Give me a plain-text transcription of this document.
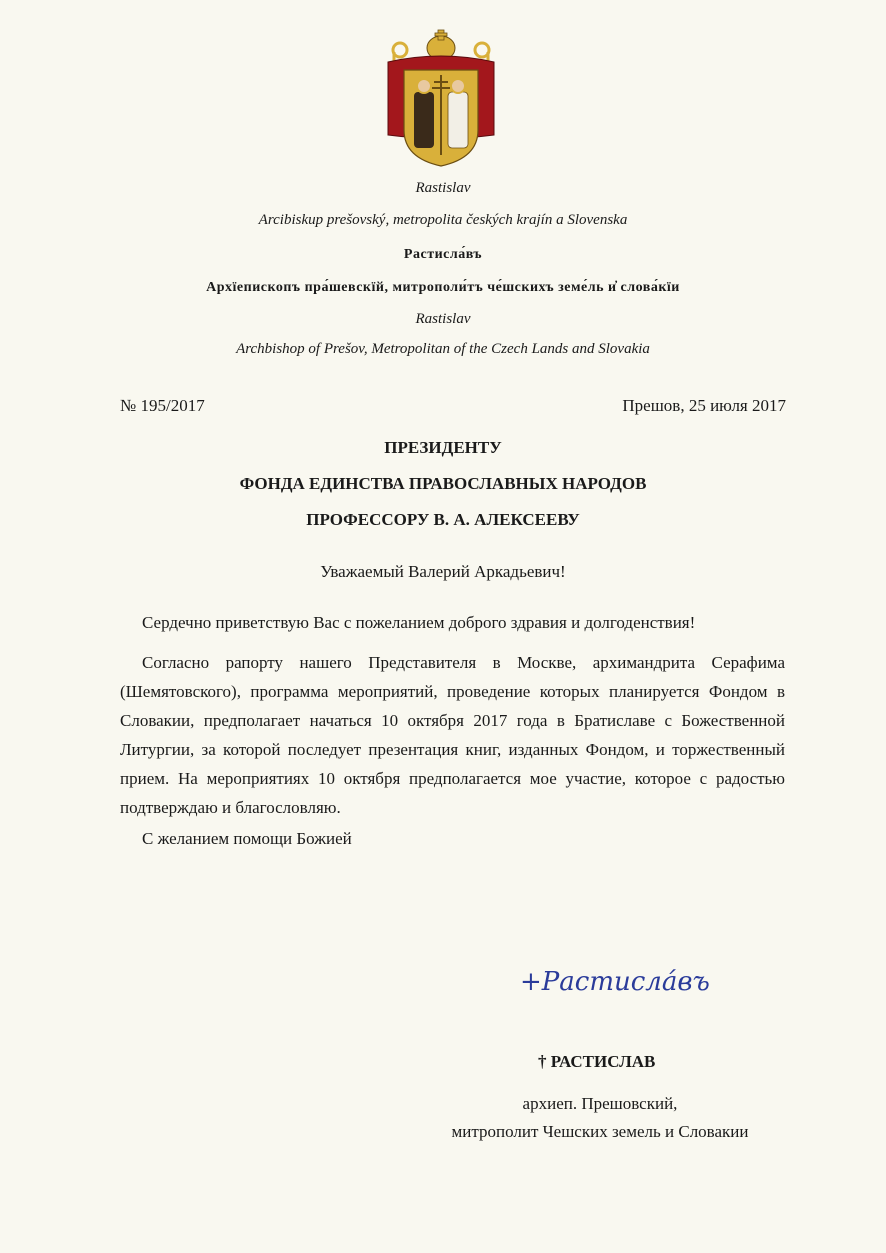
Rastislav
Arcibiskup prešovský, metropolita českých krajín a Slovenska
Растисла́въ
Архїепископъ пра́шевскїй, митрополи́тъ че́шскихъ земе́ль и҆ слова́кїи
Rastislav
Archbishop of Prešov, Metropolitan of the Czech Lands and Slovakia
№ 195/2017	Прешов, 25 июля 2017
ПРЕЗИДЕНТУ
ФОНДА ЕДИНСТВА ПРАВОСЛАВНЫХ НАРОДОВ
ПРОФЕССОРУ В. А. АЛЕКСЕЕВУ
Уважаемый Валерий Аркадьевич!

Сердечно приветствую Вас с пожеланием доброго здравия и долгоденствия!

Согласно рапорту нашего Представителя в Москве, архимандрита Серафима (Шемятовского), программа мероприятий, проведение которых планируется Фондом в Словакии, предполагает начаться 10 октября 2017 года в Братиславе с Божественной Литургии, за которой последует презентация книг, изданных Фондом, и торжественный прием. На мероприятиях 10 октября предполагается мое участие, которое с радостью подтверждаю и благословляю.

С желанием помощи Божией

+Растисла́въ
† РАСТИСЛАВ
архиеп. Прешовский,
митрополит Чешских земель и Словакии
